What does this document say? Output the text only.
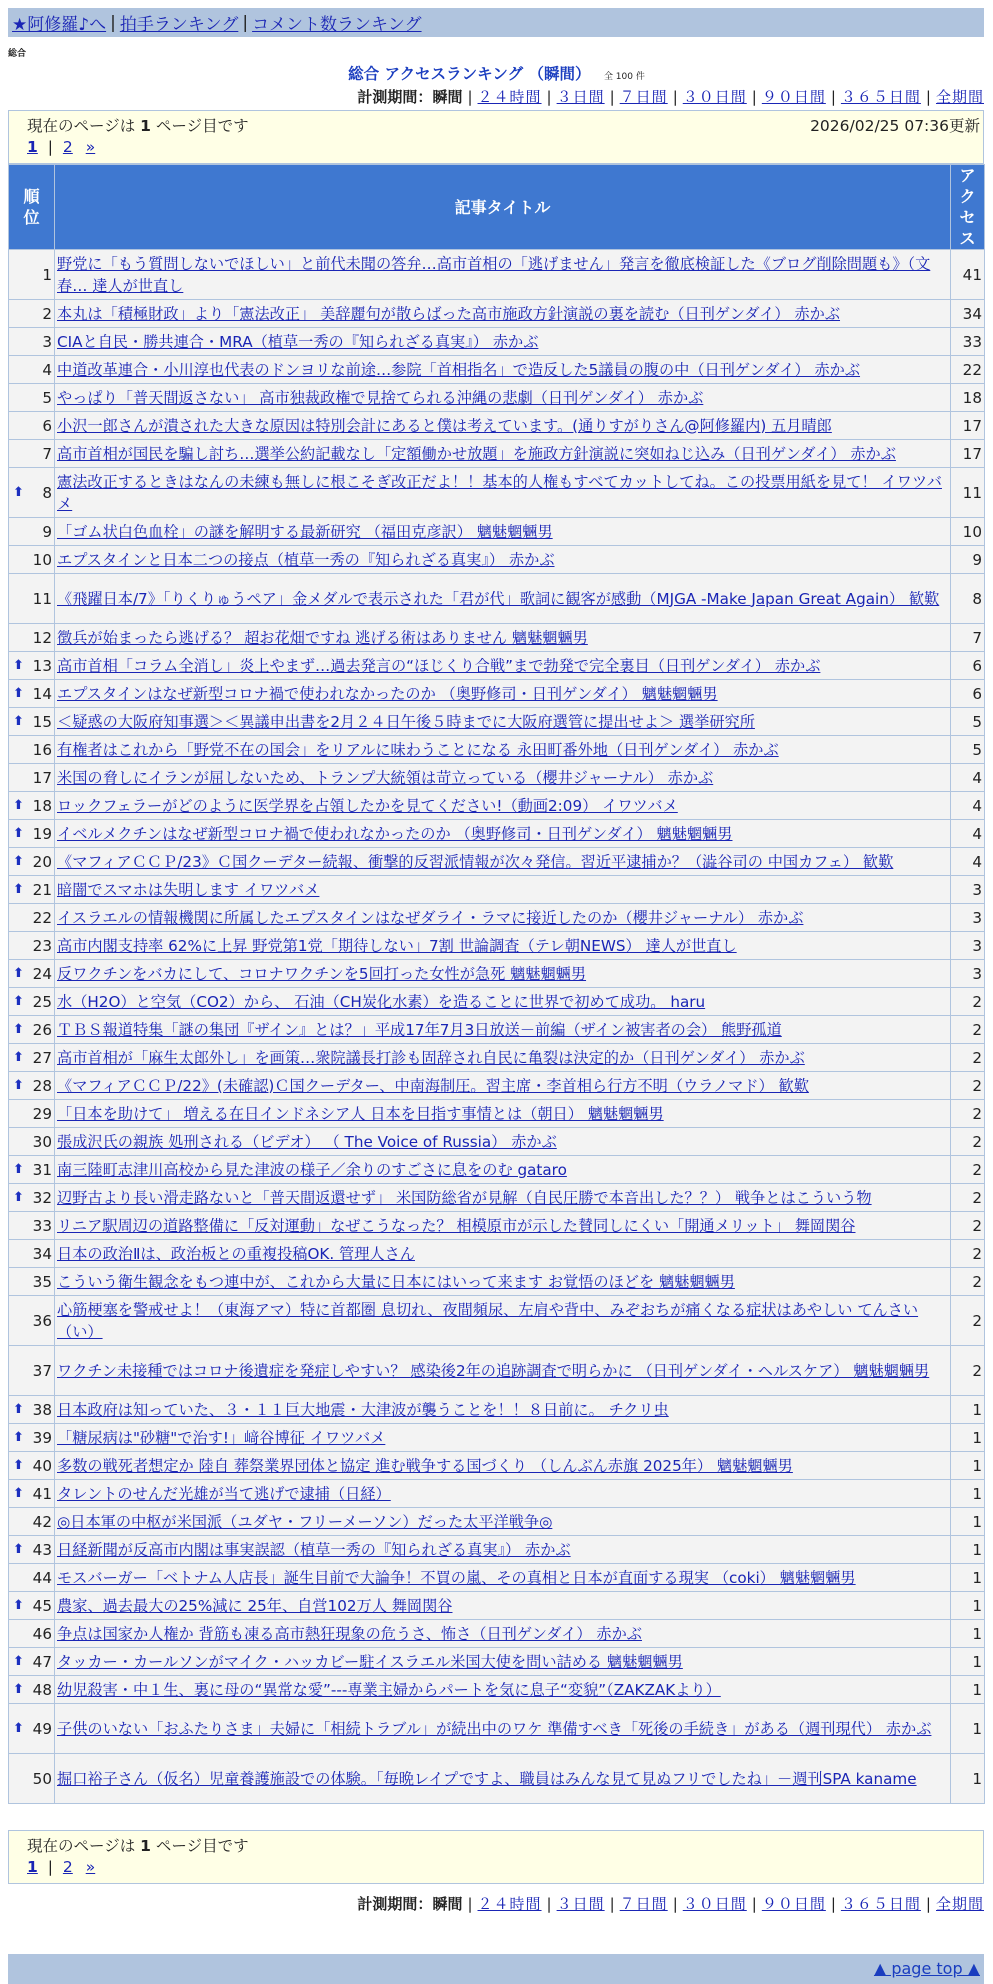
★阿修羅♪へ | 拍手ランキング | コメント数ランキング
総合
総合 アクセスランキング （瞬間） 全 100 件
計測期間：瞬間 | ２４時間 | ３日間 | ７日間 | ３０日間 | ９０日間 | ３６５日間 | 全期間
現在のページは 1 ページ目です	2026/02/25 07:36更新
1 | 2 »
順位	記事タイトル	アクセス
1	野党に「もう質問しないでほしい」と前代未聞の答弁…高市首相の「逃げません」発言を徹底検証した《ブログ削除問題も》（文春… 達人が世直し	41
2	本丸は「積極財政」より「憲法改正」 美辞麗句が散らばった高市施政方針演説の裏を読む（日刊ゲンダイ） 赤かぶ	34
3	CIAと自民・勝共連合・MRA（植草一秀の『知られざる真実』） 赤かぶ	33
4	中道改革連合・小川淳也代表のドンヨリな前途…参院「首相指名」で造反した5議員の腹の中（日刊ゲンダイ） 赤かぶ	22
5	やっぱり「普天間返さない」 高市独裁政権で見捨てられる沖縄の悲劇（日刊ゲンダイ） 赤かぶ	18
6	小沢一郎さんが潰された大きな原因は特別会計にあると僕は考えています。(通りすがりさん@阿修羅内) 五月晴郎	17
7	高市首相が国民を騙し討ち…選挙公約記載なし「定額働かせ放題」を施政方針演説に突如ねじ込み（日刊ゲンダイ） 赤かぶ	17

⬆ 8	憲法改正するときはなんの未練も無しに根こそぎ改正だよ！！基本的人権もすべてカットしてね。この投票用紙を見て！ イワツバメ	11
9	「ゴム状白色血栓」の謎を解明する最新研究 （福田克彦訳） 魑魅魍魎男	10
10	エプスタインと日本二つの接点（植草一秀の『知られざる真実』） 赤かぶ	9
11	《飛躍日本/7》「りくりゅうペア」金メダルで表示された「君が代」歌詞に観客が感動（MJGA -Make Japan Great Again） 歓歎	8
12	徴兵が始まったら逃げる？ 超お花畑ですね 逃げる術はありません 魑魅魍魎男	7

⬆ 13	高市首相「コラム全消し」炎上やまず…過去発言の“ほじくり合戦”まで勃発で完全裏目（日刊ゲンダイ） 赤かぶ	6

⬆ 14	エプスタインはなぜ新型コロナ禍で使われなかったのか （奥野修司・日刊ゲンダイ） 魑魅魍魎男	6

⬆ 15	＜疑惑の大阪府知事選＞＜異議申出書を2月２４日午後５時までに大阪府選管に提出せよ＞ 選挙研究所	5
16	有権者はこれから「野党不在の国会」をリアルに味わうことになる 永田町番外地（日刊ゲンダイ） 赤かぶ	5
17	米国の脅しにイランが屈しないため、トランプ大統領は苛立っている（櫻井ジャーナル） 赤かぶ	4

⬆ 18	ロックフェラーがどのように医学界を占領したかを見てください!（動画2:09） イワツバメ	4

⬆ 19	イベルメクチンはなぜ新型コロナ禍で使われなかったのか （奥野修司・日刊ゲンダイ） 魑魅魍魎男	4

⬆ 20	《マフィアＣＣＰ/23》Ｃ国クーデター続報、衝撃的反習派情報が次々発信。習近平逮捕か？（澁谷司の 中国カフェ） 歓歎	4

⬆ 21	暗闇でスマホは失明します イワツバメ	3
22	イスラエルの情報機関に所属したエプスタインはなぜダライ・ラマに接近したのか（櫻井ジャーナル） 赤かぶ	3
23	高市内閣支持率 62%に上昇 野党第1党「期待しない」7割 世論調査（テレ朝NEWS） 達人が世直し	3

⬆ 24	反ワクチンをバカにして、コロナワクチンを5回打った女性が急死 魑魅魍魎男	3

⬆ 25	水（H2O）と空気（CO2）から、 石油（CH炭化水素）を造ることに世界で初めて成功。 haru	2

⬆ 26	ＴＢＳ報道特集「謎の集団『ザイン』とは？」平成17年7月3日放送－前編（ザイン被害者の会） 熊野孤道	2

⬆ 27	高市首相が「麻生太郎外し」を画策…衆院議長打診も固辞され自民に亀裂は決定的か（日刊ゲンダイ） 赤かぶ	2

⬆ 28	《マフィアＣＣＰ/22》(未確認)Ｃ国クーデター、中南海制圧。習主席・李首相ら行方不明（ウラノマド） 歓歎	2
29	「日本を助けて」 増える在日インドネシア人 日本を目指す事情とは（朝日） 魑魅魍魎男	2
30	張成沢氏の親族 処刑される（ビデオ） （ The Voice of Russia） 赤かぶ	2

⬆ 31	南三陸町志津川高校から見た津波の様子／余りのすごさに息をのむ gataro	2

⬆ 32	辺野古より長い滑走路ないと「普天間返還せず」 米国防総省が見解（自民圧勝で本音出した？？） 戦争とはこういう物	2
33	リニア駅周辺の道路整備に「反対運動」なぜこうなった？ 相模原市が示した賛同しにくい「開通メリット」 舞岡関谷	2
34	日本の政治Ⅱは、政治板との重複投稿OK. 管理人さん	2
35	こういう衛生観念をもつ連中が、これから大量に日本にはいって来ます お覚悟のほどを 魑魅魍魎男	2
36	心筋梗塞を警戒せよ！（東海アマ）特に首都圏 息切れ、夜間頻尿、左肩や背中、みぞおちが痛くなる症状はあやしい てんさい（い）	2
37	ワクチン未接種ではコロナ後遺症を発症しやすい？ 感染後2年の追跡調査で明らかに （日刊ゲンダイ・ヘルスケア） 魑魅魍魎男	2

⬆ 38	日本政府は知っていた、３・１１巨大地震・大津波が襲うことを！！８日前に。 チクリ虫	1

⬆ 39	「糖尿病は"砂糖"で治す!」﨑谷博征 イワツバメ	1

⬆ 40	多数の戦死者想定か 陸自 葬祭業界団体と協定 進む戦争する国づくり （しんぶん赤旗 2025年） 魑魅魍魎男	1

⬆ 41	タレントのせんだ光雄が当て逃げで逮捕（日経）	1
42	◎日本軍の中枢が米国派（ユダヤ・フリーメーソン）だった太平洋戦争◎	1

⬆ 43	日経新聞が反高市内閣は事実誤認（植草一秀の『知られざる真実』） 赤かぶ	1
44	モスバーガー「ベトナム人店長」誕生目前で大論争！不買の嵐、その真相と日本が直面する現実 （coki） 魑魅魍魎男	1

⬆ 45	農家、過去最大の25%減に 25年、自営102万人 舞岡関谷	1
46	争点は国家か人権か 背筋も凍る高市熱狂現象の危うさ、怖さ（日刊ゲンダイ） 赤かぶ	1

⬆ 47	タッカー・カールソンがマイク・ハッカビー駐イスラエル米国大使を問い詰める 魑魅魍魎男	1

⬆ 48	幼児殺害・中１生、裏に母の“異常な愛”---専業主婦からパートを気に息子“変貌”（ZAKZAKより）	1

⬆ 49	子供のいない「おふたりさま」夫婦に「相続トラブル」が続出中のワケ 準備すべき「死後の手続き」がある（週刊現代） 赤かぶ	1
50	掘口裕子さん（仮名）児童養護施設での体験。「毎晩レイプですよ、職員はみんな見て見ぬフリでしたね」－週刊SPA kaname	1
現在のページは 1 ページ目です
1 | 2 »
計測期間：瞬間 | ２４時間 | ３日間 | ７日間 | ３０日間 | ９０日間 | ３６５日間 | 全期間
▲ page top ▲
